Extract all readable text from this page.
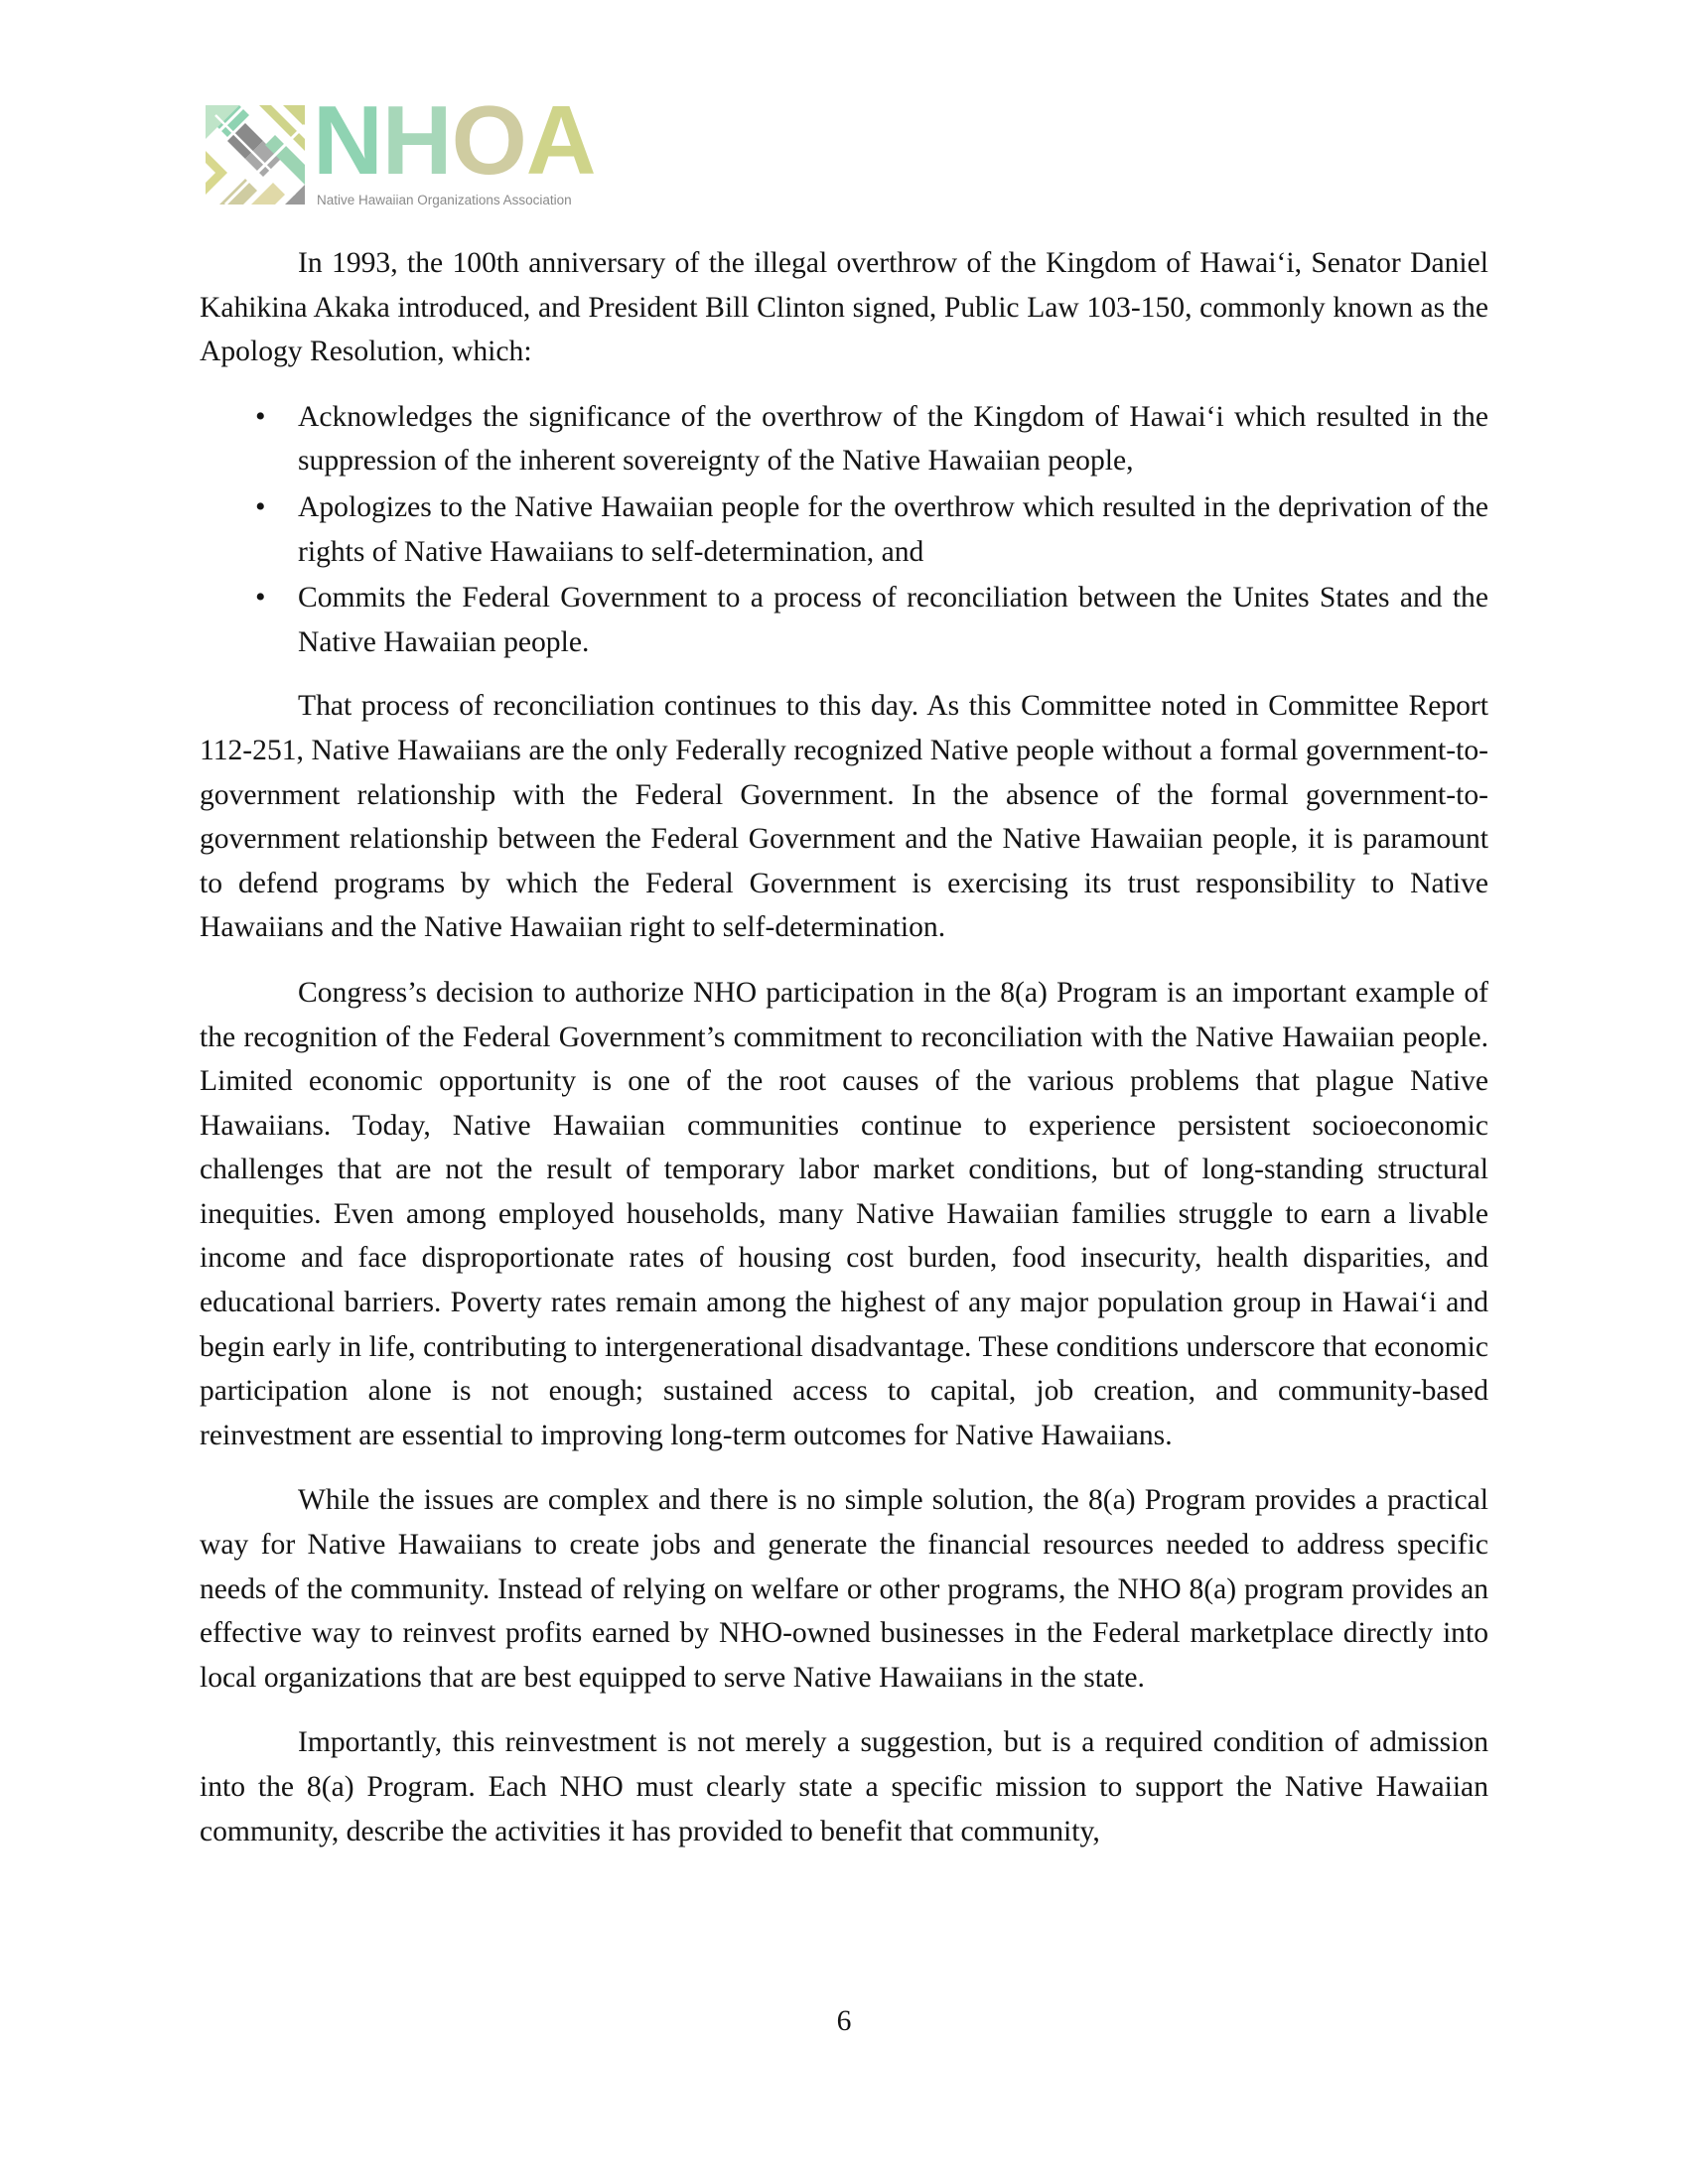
NHOA
Native Hawaiian Organizations Association

In 1993, the 100th anniversary of the illegal overthrow of the Kingdom of Hawaiʻi, Senator Daniel Kahikina Akaka introduced, and President Bill Clinton signed, Public Law 103-150, commonly known as the Apology Resolution, which:

• Acknowledges the significance of the overthrow of the Kingdom of Hawaiʻi which resulted in the suppression of the inherent sovereignty of the Native Hawaiian people,
• Apologizes to the Native Hawaiian people for the overthrow which resulted in the deprivation of the rights of Native Hawaiians to self-determination, and
• Commits the Federal Government to a process of reconciliation between the Unites States and the Native Hawaiian people.

That process of reconciliation continues to this day. As this Committee noted in Committee Report 112-251, Native Hawaiians are the only Federally recognized Native people without a formal government-to-government relationship with the Federal Government. In the absence of the formal government-to-government relationship between the Federal Government and the Native Hawaiian people, it is paramount to defend programs by which the Federal Government is exercising its trust responsibility to Native Hawaiians and the Native Hawaiian right to self-determination.

Congress’s decision to authorize NHO participation in the 8(a) Program is an important example of the recognition of the Federal Government’s commitment to reconciliation with the Native Hawaiian people. Limited economic opportunity is one of the root causes of the various problems that plague Native Hawaiians. Today, Native Hawaiian communities continue to experience persistent socioeconomic challenges that are not the result of temporary labor market conditions, but of long-standing structural inequities. Even among employed households, many Native Hawaiian families struggle to earn a livable income and face disproportionate rates of housing cost burden, food insecurity, health disparities, and educational barriers. Poverty rates remain among the highest of any major population group in Hawaiʻi and begin early in life, contributing to intergenerational disadvantage. These conditions underscore that economic participation alone is not enough; sustained access to capital, job creation, and community-based reinvestment are essential to improving long-term outcomes for Native Hawaiians.

While the issues are complex and there is no simple solution, the 8(a) Program provides a practical way for Native Hawaiians to create jobs and generate the financial resources needed to address specific needs of the community. Instead of relying on welfare or other programs, the NHO 8(a) program provides an effective way to reinvest profits earned by NHO-owned businesses in the Federal marketplace directly into local organizations that are best equipped to serve Native Hawaiians in the state.

Importantly, this reinvestment is not merely a suggestion, but is a required condition of admission into the 8(a) Program. Each NHO must clearly state a specific mission to support the Native Hawaiian community, describe the activities it has provided to benefit that community,

6
